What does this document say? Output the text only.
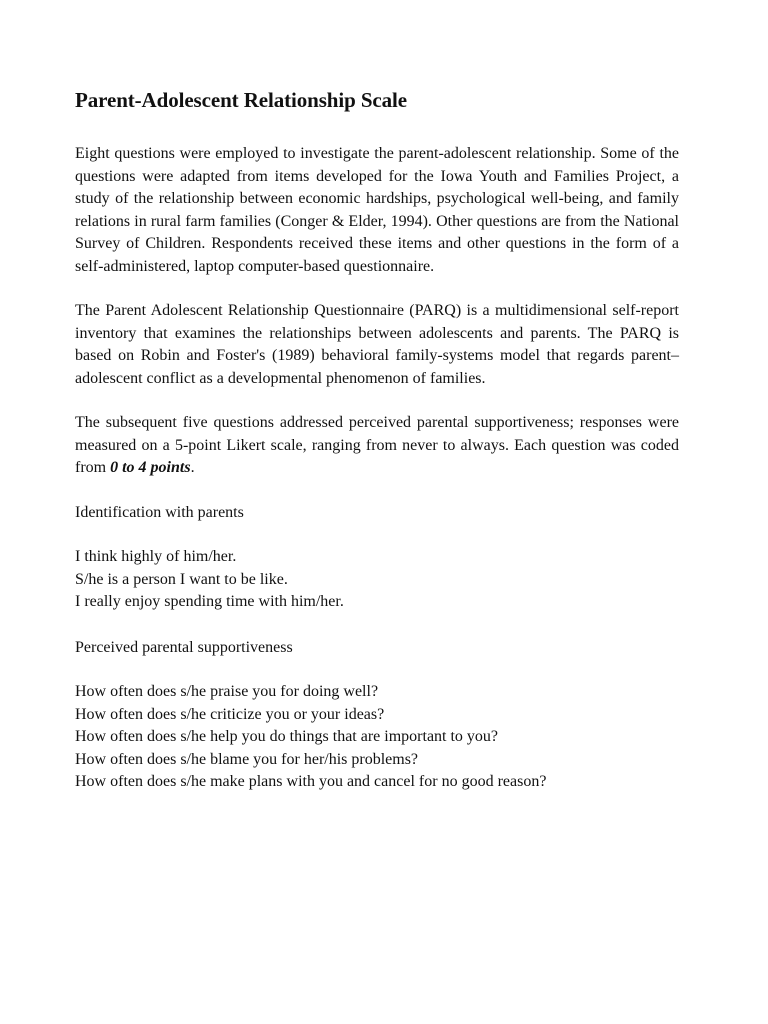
Parent-Adolescent Relationship Scale

Eight questions were employed to investigate the parent-adolescent relationship. Some of the questions were adapted from items developed for the Iowa Youth and Families Project, a study of the relationship between economic hardships, psychological well-being, and family relations in rural farm families (Conger & Elder, 1994). Other questions are from the National Survey of Children. Respondents received these items and other questions in the form of a self-administered, laptop computer-based questionnaire.

The Parent Adolescent Relationship Questionnaire (PARQ) is a multidimensional self-report inventory that examines the relationships between adolescents and parents. The PARQ is based on Robin and Foster's (1989) behavioral family-systems model that regards parent–adolescent conflict as a developmental phenomenon of families.

The subsequent five questions addressed perceived parental supportiveness; responses were measured on a 5-point Likert scale, ranging from never to always. Each question was coded from 0 to 4 points.

Identification with parents

I think highly of him/her.

S/he is a person I want to be like.

I really enjoy spending time with him/her.

Perceived parental supportiveness

How often does s/he praise you for doing well?

How often does s/he criticize you or your ideas?

How often does s/he help you do things that are important to you?

How often does s/he blame you for her/his problems?

How often does s/he make plans with you and cancel for no good reason?
